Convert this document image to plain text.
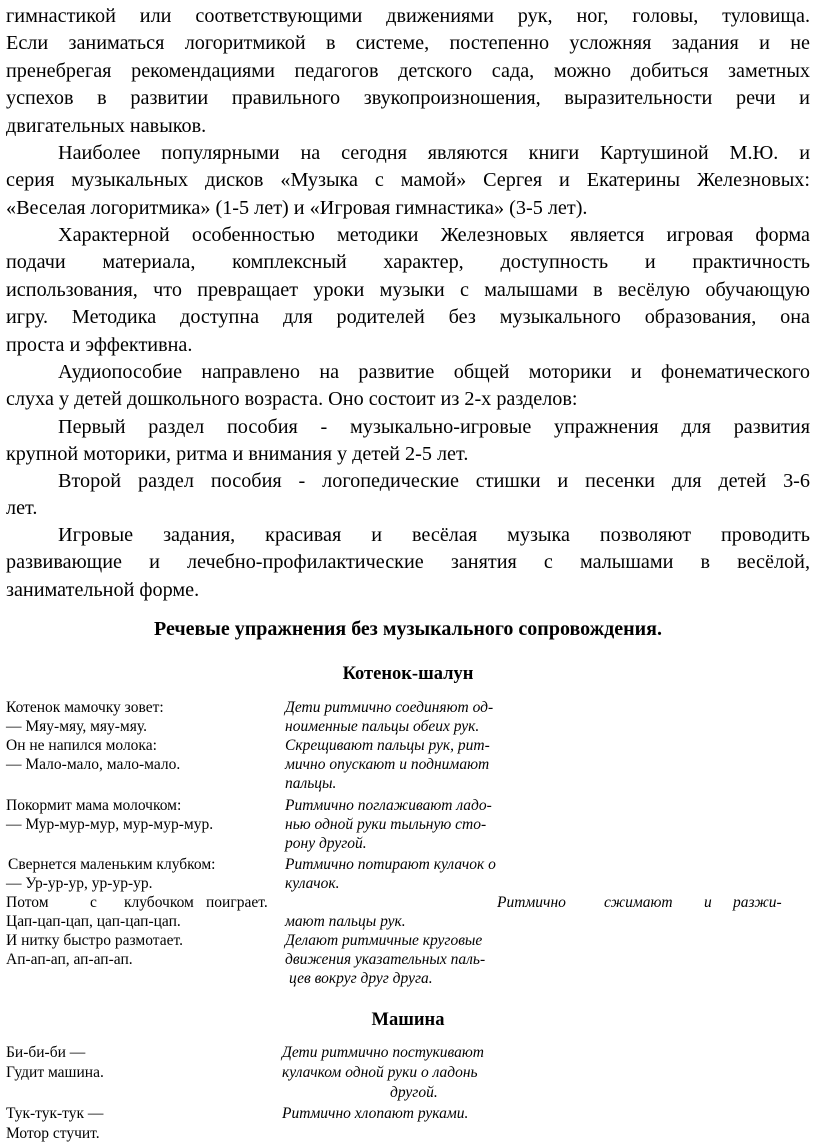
гимнастикой или соответствующими движениями рук, ног, головы, туловища.
Если заниматься логоритмикой в системе, постепенно усложняя задания и не
пренебрегая рекомендациями педагогов детского сада, можно добиться заметных
успехов в развитии правильного звукопроизношения, выразительности речи и
двигательных навыков.
Наиболее популярными на сегодня являются книги Картушиной М.Ю. и
серия музыкальных дисков «Музыка с мамой» Сергея и Екатерины Железновых:
«Веселая логоритмика» (1-5 лет) и «Игровая гимнастика» (3-5 лет).
Характерной особенностью методики Железновых является игровая форма
подачи материала, комплексный характер, доступность и практичность
использования, что превращает уроки музыки с малышами в весёлую обучающую
игру. Методика доступна для родителей без музыкального образования, она
проста и эффективна.
Аудиопособие направлено на развитие общей моторики и фонематического
слуха у детей дошкольного возраста. Оно состоит из 2-х разделов:
Первый раздел пособия - музыкально-игровые упражнения для развития
крупной моторики, ритма и внимания у детей 2-5 лет.
Второй раздел пособия - логопедические стишки и песенки для детей 3-6
лет.
Игровые задания, красивая и весёлая музыка позволяют проводить
развивающие и лечебно-профилактические занятия с малышами в весёлой,
занимательной форме.
Речевые упражнения без музыкального сопровождения.
Котенок-шалун
Котенок мамочку зовет:
— Мяу-мяу, мяу-мяу.
Он не напился молока:
— Мало-мало, мало-мало.
Покормит мама молочком:
— Мур-мур-мур, мур-мур-мур.
Свернется маленьким клубком:
— Ур-ур-ур, ур-ур-ур.
Цап-цап-цап, цап-цап-цап.
И нитку быстро размотает.
Ап-ап-ап, ап-ап-ап.
Дети ритмично соединяют од-
ноименные пальцы обеих рук.
Скрещивают пальцы рук, рит-
мично опускают и поднимают
пальцы.
Ритмично поглаживают ладо-
нью одной руки тыльную сто-
рону другой.
Ритмично потирают кулачок о
кулачок.
Потом	с клубочком поиграет.	Ритмично сжимают и разжи-
мают пальцы рук.
Делают ритмичные круговые
движения указательных паль-
цев вокруг друг друга.
Машина
Би-би-би —
Гудит машина.
Тук-тук-тук —
Мотор стучит.
Дети ритмично постукивают
кулачком одной руки о ладонь
другой.
Ритмично хлопают руками.
